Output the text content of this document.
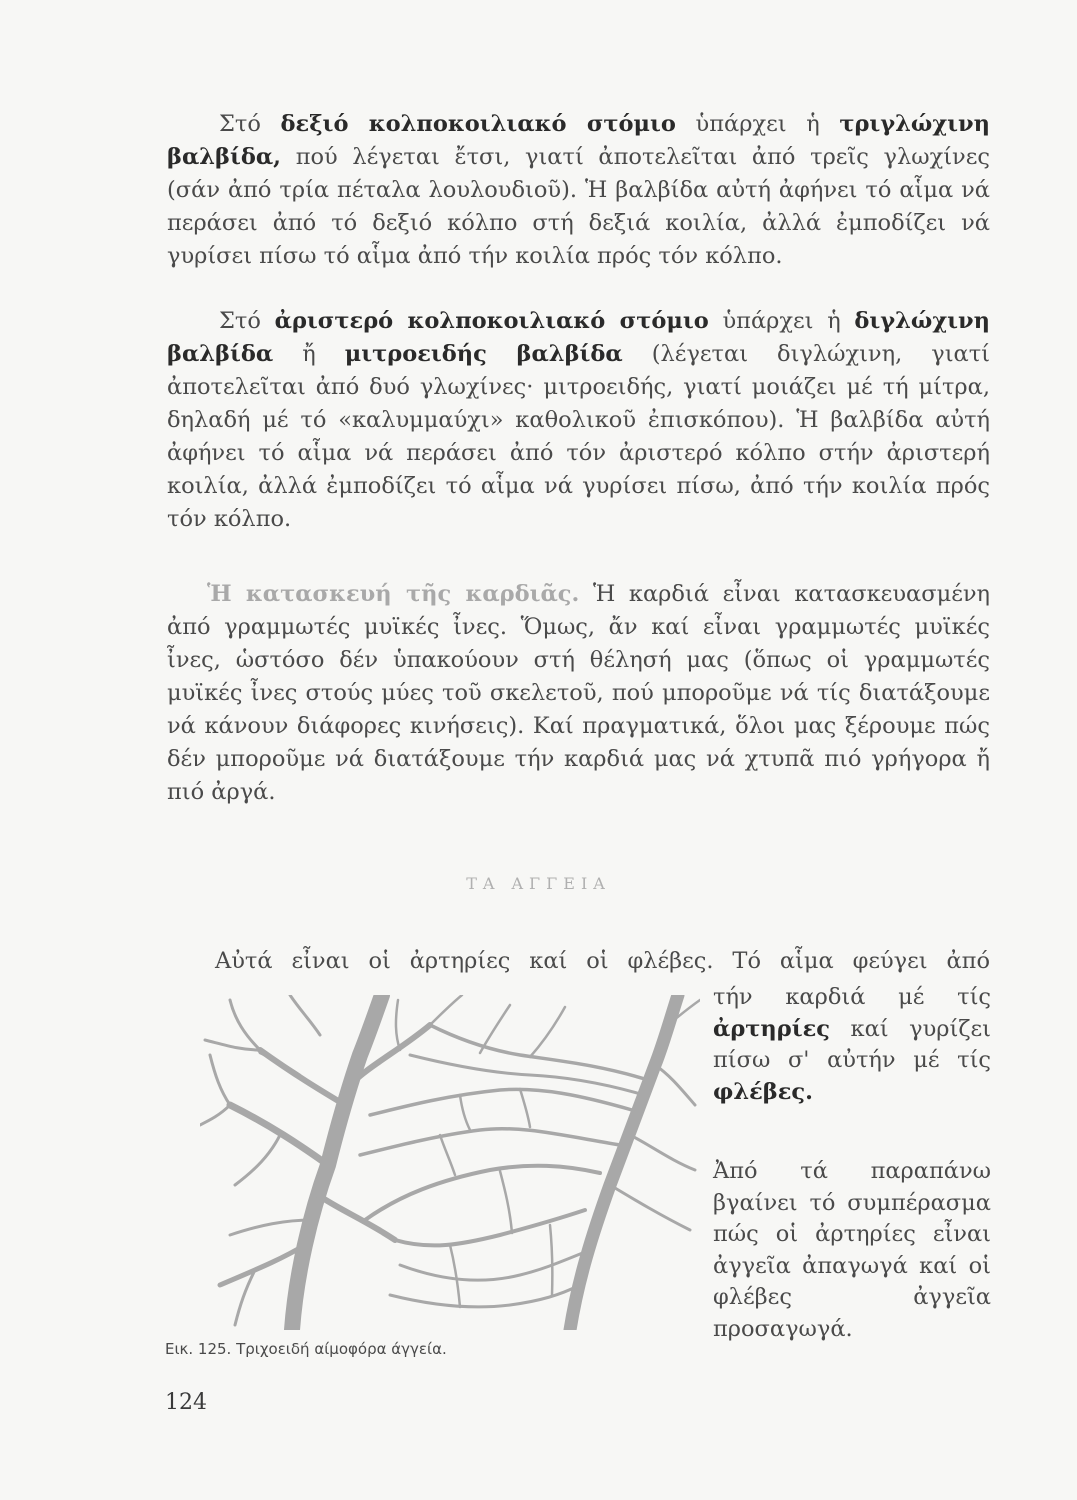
Στό δεξιό κολποκοιλιακό στόμιο ὑπάρχει ἡ τριγλώχινη βαλβίδα, πού λέγεται ἔτσι, γιατί ἀποτελεῖται ἀπό τρεῖς γλωχίνες (σάν ἀπό τρία πέταλα λουλουδιοῦ). Ἡ βαλβίδα αὐτή ἀφήνει τό αἷμα νά περάσει ἀπό τό δεξιό κόλπο στή δεξιά κοιλία, ἀλλά ἐμποδίζει νά γυρίσει πίσω τό αἷμα ἀπό τήν κοιλία πρός τόν κόλπο.

Στό ἀριστερό κολποκοιλιακό στόμιο ὑπάρχει ἡ διγλώχινη βαλβίδα ἤ μιτροειδής βαλβίδα (λέγεται διγλώχινη, γιατί ἀποτελεῖται ἀπό δυό γλωχίνες· μιτροειδής, γιατί μοιάζει μέ τή μίτρα, δηλαδή μέ τό «καλυμμαύχι» καθολικοῦ ἐπισκόπου). Ἡ βαλβίδα αὐτή ἀφήνει τό αἷμα νά περάσει ἀπό τόν ἀριστερό κόλπο στήν ἀριστερή κοιλία, ἀλλά ἐμποδίζει τό αἷμα νά γυρίσει πίσω, ἀπό τήν κοιλία πρός τόν κόλπο.

Ἡ κατασκευή τῆς καρδιᾶς. Ἡ καρδιά εἶναι κατασκευασμένη ἀπό γραμμωτές μυϊκές ἶνες. Ὅμως, ἄν καί εἶναι γραμμωτές μυϊκές ἶνες, ὡστόσο δέν ὑπακούουν στή θέλησή μας (ὅπως οἱ γραμμωτές μυϊκές ἶνες στούς μύες τοῦ σκελετοῦ, πού μποροῦμε νά τίς διατάξουμε νά κάνουν διάφορες κινήσεις). Καί πραγματικά, ὅλοι μας ξέρουμε πώς δέν μποροῦμε νά διατάξουμε τήν καρδιά μας νά χτυπᾶ πιό γρήγορα ἤ πιό ἀργά.

ΤΑ ΑΓΓΕΙΑ
Αὐτά εἶναι οἱ ἀρτηρίες καί οἱ φλέβες. Τό αἷμα φεύγει ἀπό

τήν καρδιά μέ τίς ἀρτηρίες καί γυρίζει πίσω σ' αὐτήν μέ τίς φλέβες.

Ἀπό τά παραπάνω βγαίνει τό συμπέρασμα πώς οἱ ἀρτηρίες εἶναι ἀγγεῖα ἀπαγωγά καί οἱ φλέβες ἀγγεῖα προσαγωγά.

Εικ. 125. Τριχοειδή αίμοφόρα άγγεία.
124
